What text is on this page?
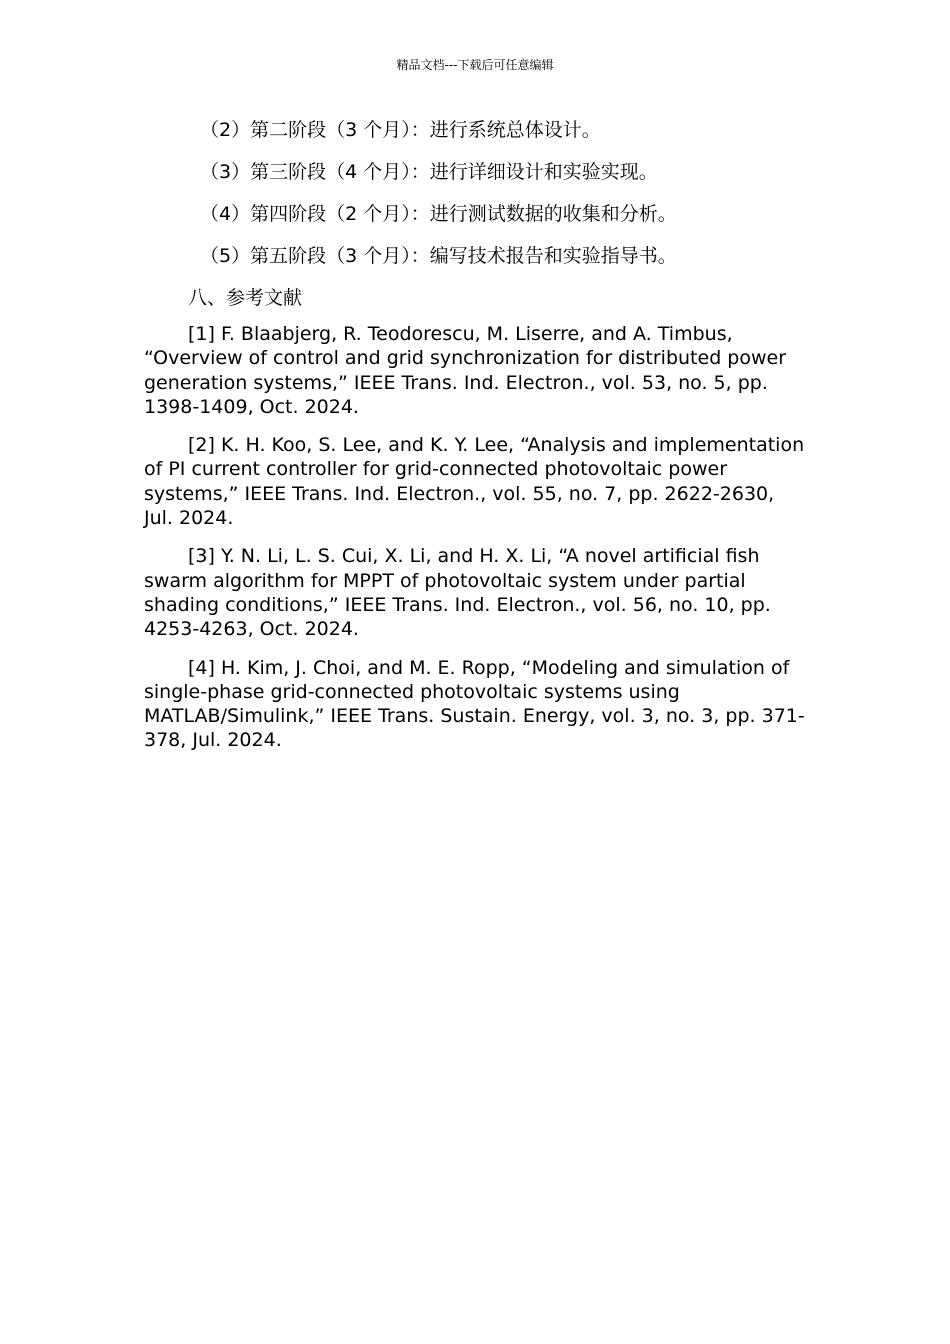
精品文档---下载后可任意编辑
（2）第二阶段（3 个月）：进行系统总体设计。
（3）第三阶段（4 个月）：进行详细设计和实验实现。
（4）第四阶段（2 个月）：进行测试数据的收集和分析。
（5）第五阶段（3 个月）：编写技术报告和实验指导书。
八、参考文献
[1] F. Blaabjerg, R. Teodorescu, M. Liserre, and A. Timbus, “Overview of control and grid synchronization for distributed power generation systems,” IEEE Trans. Ind. Electron., vol. 53, no. 5, pp. 1398-1409, Oct. 2024.
[2] K. H. Koo, S. Lee, and K. Y. Lee, “Analysis and implementation of PI current controller for grid-connected photovoltaic power systems,” IEEE Trans. Ind. Electron., vol. 55, no. 7, pp. 2622-2630, Jul. 2024.
[3] Y. N. Li, L. S. Cui, X. Li, and H. X. Li, “A novel artificial fish swarm algorithm for MPPT of photovoltaic system under partial shading conditions,” IEEE Trans. Ind. Electron., vol. 56, no. 10, pp. 4253-4263, Oct. 2024.
[4] H. Kim, J. Choi, and M. E. Ropp, “Modeling and simulation of single-phase grid-connected photovoltaic systems using MATLAB/Simulink,” IEEE Trans. Sustain. Energy, vol. 3, no. 3, pp. 371-378, Jul. 2024.
